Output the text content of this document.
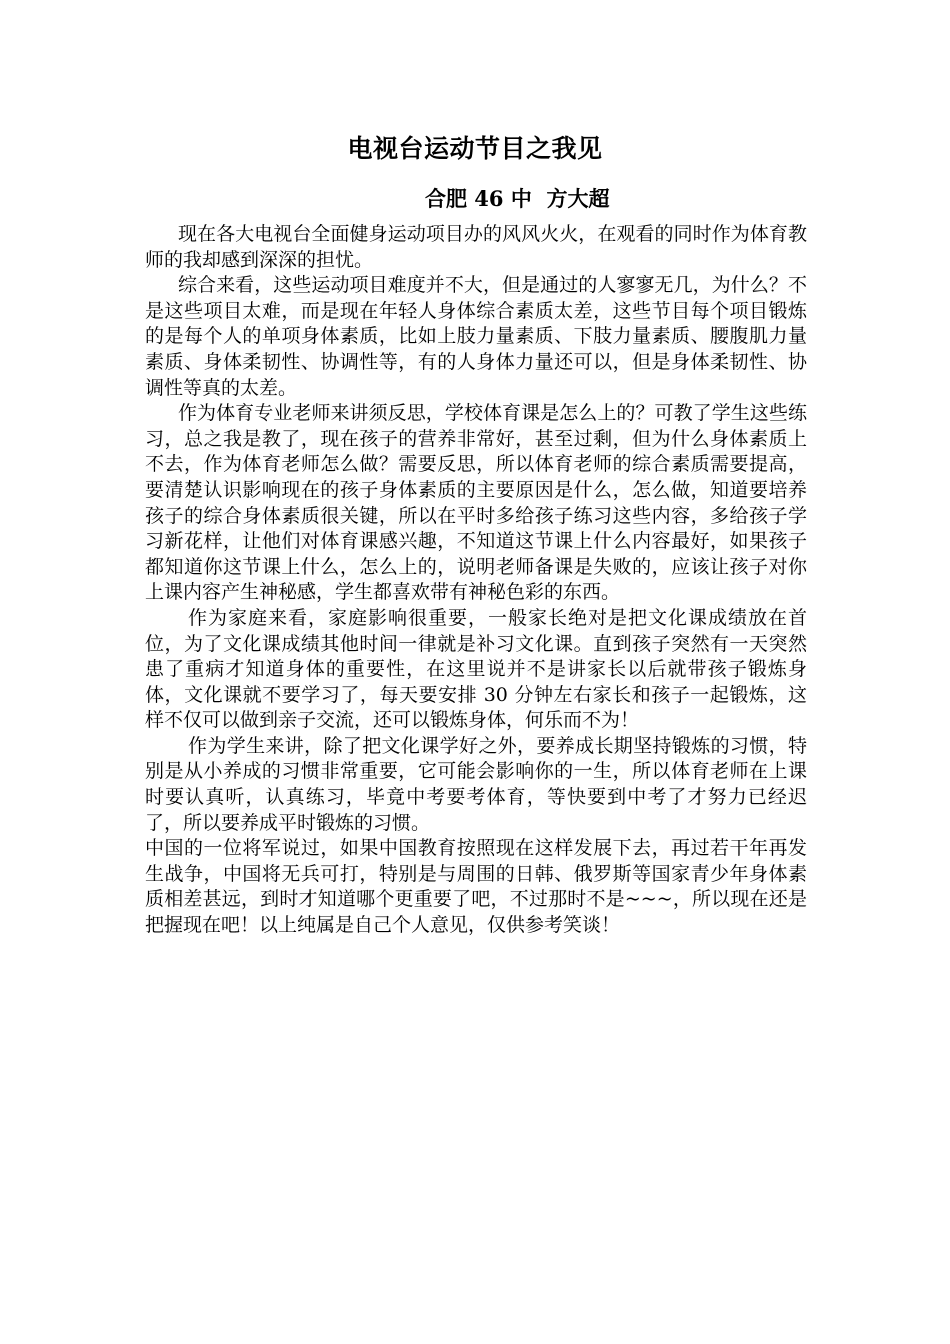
电视台运动节目之我见
合肥 46 中  方大超

现在各大电视台全面健身运动项目办的风风火火，在观看的同时作为体育教师的我却感到深深的担忧。

综合来看，这些运动项目难度并不大，但是通过的人寥寥无几，为什么？不是这些项目太难，而是现在年轻人身体综合素质太差，这些节目每个项目锻炼的是每个人的单项身体素质，比如上肢力量素质、下肢力量素质、腰腹肌力量素质、身体柔韧性、协调性等，有的人身体力量还可以，但是身体柔韧性、协调性等真的太差。

作为体育专业老师来讲须反思，学校体育课是怎么上的？可教了学生这些练习，总之我是教了，现在孩子的营养非常好，甚至过剩，但为什么身体素质上不去，作为体育老师怎么做？需要反思，所以体育老师的综合素质需要提高，要清楚认识影响现在的孩子身体素质的主要原因是什么，怎么做，知道要培养孩子的综合身体素质很关键，所以在平时多给孩子练习这些内容，多给孩子学习新花样，让他们对体育课感兴趣，不知道这节课上什么内容最好，如果孩子都知道你这节课上什么，怎么上的，说明老师备课是失败的，应该让孩子对你上课内容产生神秘感，学生都喜欢带有神秘色彩的东西。

作为家庭来看，家庭影响很重要，一般家长绝对是把文化课成绩放在首位，为了文化课成绩其他时间一律就是补习文化课。直到孩子突然有一天突然患了重病才知道身体的重要性，在这里说并不是讲家长以后就带孩子锻炼身体，文化课就不要学习了，每天要安排 30 分钟左右家长和孩子一起锻炼，这样不仅可以做到亲子交流，还可以锻炼身体，何乐而不为！

作为学生来讲，除了把文化课学好之外，要养成长期坚持锻炼的习惯，特别是从小养成的习惯非常重要，它可能会影响你的一生，所以体育老师在上课时要认真听，认真练习，毕竟中考要考体育，等快要到中考了才努力已经迟了，所以要养成平时锻炼的习惯。

中国的一位将军说过，如果中国教育按照现在这样发展下去，再过若干年再发生战争，中国将无兵可打，特别是与周围的日韩、俄罗斯等国家青少年身体素质相差甚远，到时才知道哪个更重要了吧，不过那时不是~~~，所以现在还是把握现在吧！以上纯属是自己个人意见，仅供参考笑谈！
